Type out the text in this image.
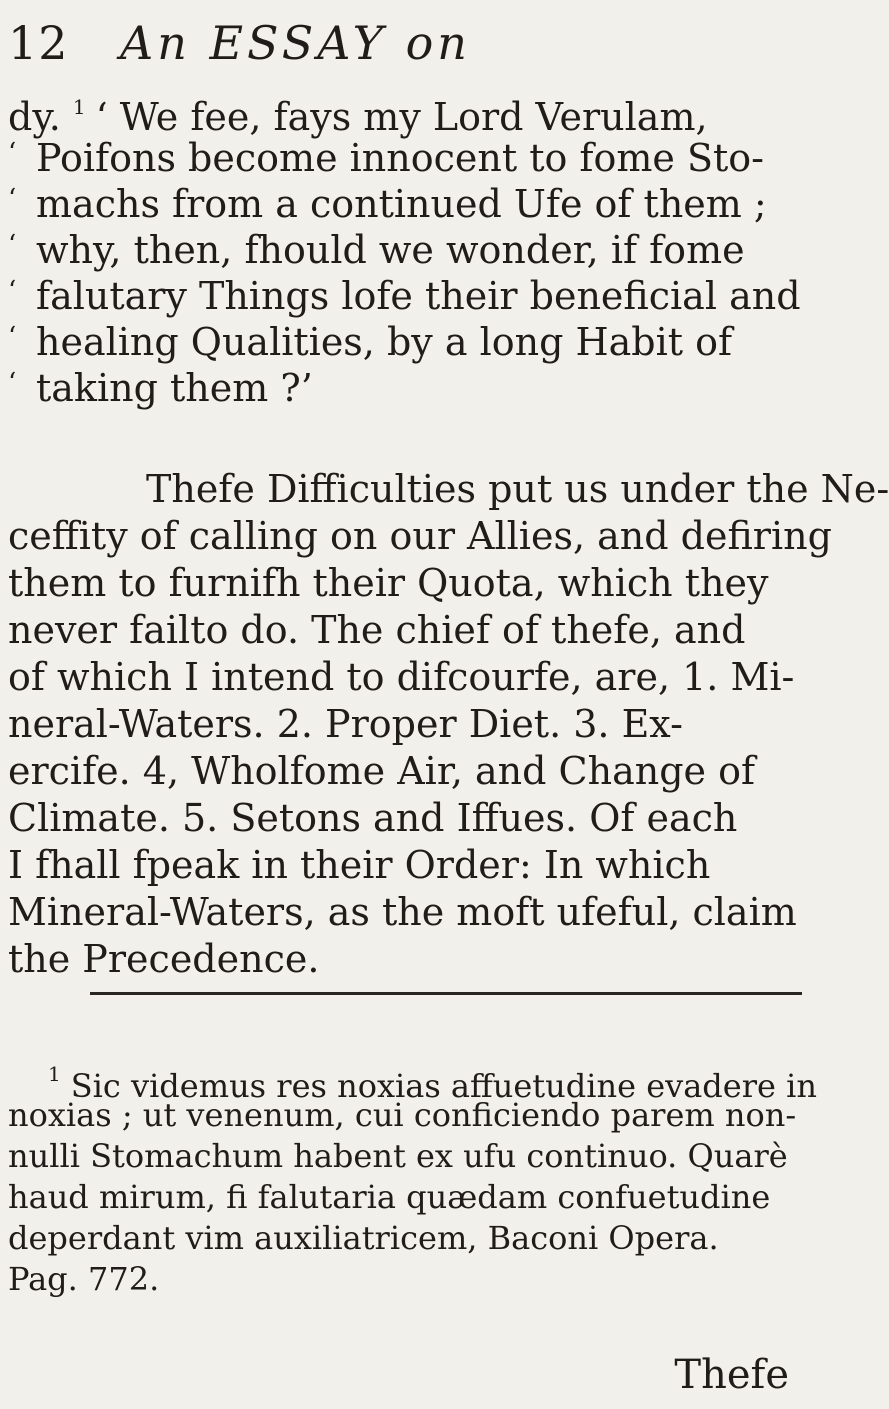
12 An ESSAY on
dy. $^1$ ‘ We fee, fays my Lord Verulam,
‘ Poifons become innocent to fome Sto-
‘ machs from a continued Ufe of them ;
‘ why, then, fhould we wonder, if fome
‘ falutary Things lofe their beneficial and
‘ healing Qualities, by a long Habit of
‘ taking them ?’
Thefe Difficulties put us under the Ne-
ceffity of calling on our Allies, and defiring
them to furnifh their Quota, which they
never failto do. The chief of thefe, and
of which I intend to difcourfe, are, 1. Mi-
neral-Waters. 2. Proper Diet. 3. Ex-
ercife. 4, Wholfome Air, and Change of
Climate. 5. Setons and Iffues. Of each
I fhall fpeak in their Order: In which
Mineral-Waters, as the moft ufeful, claim
the Precedence.
$^1$ Sic videmus res noxias affuetudine evadere in
noxias ; ut venenum, cui conficiendo parem non-
nulli Stomachum habent ex ufu continuo. Quarè
haud mirum, fi falutaria quædam confuetudine
deperdant vim auxiliatricem, Baconi Opera.
Pag. 772.
Thefe
